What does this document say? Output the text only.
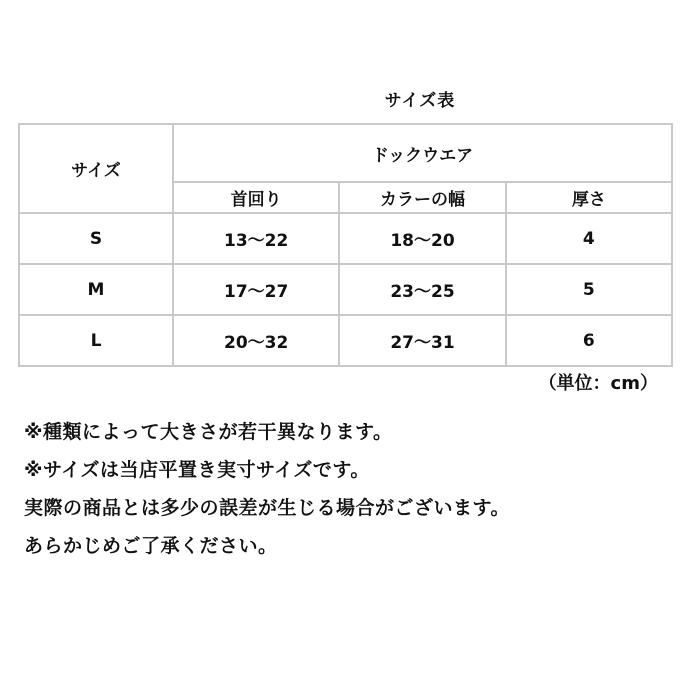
サイズ表
サイズ	ドックウエア		
	首回り	カラーの幅	厚さ
S	13〜22	18〜20	4
M	17〜27	23〜25	5
L	20〜32	27〜31	6
（単位：cm）
※種類によって大きさが若干異なります。
※サイズは当店平置き実寸サイズです。
実際の商品とは多少の誤差が生じる場合がございます。
あらかじめご了承ください。
